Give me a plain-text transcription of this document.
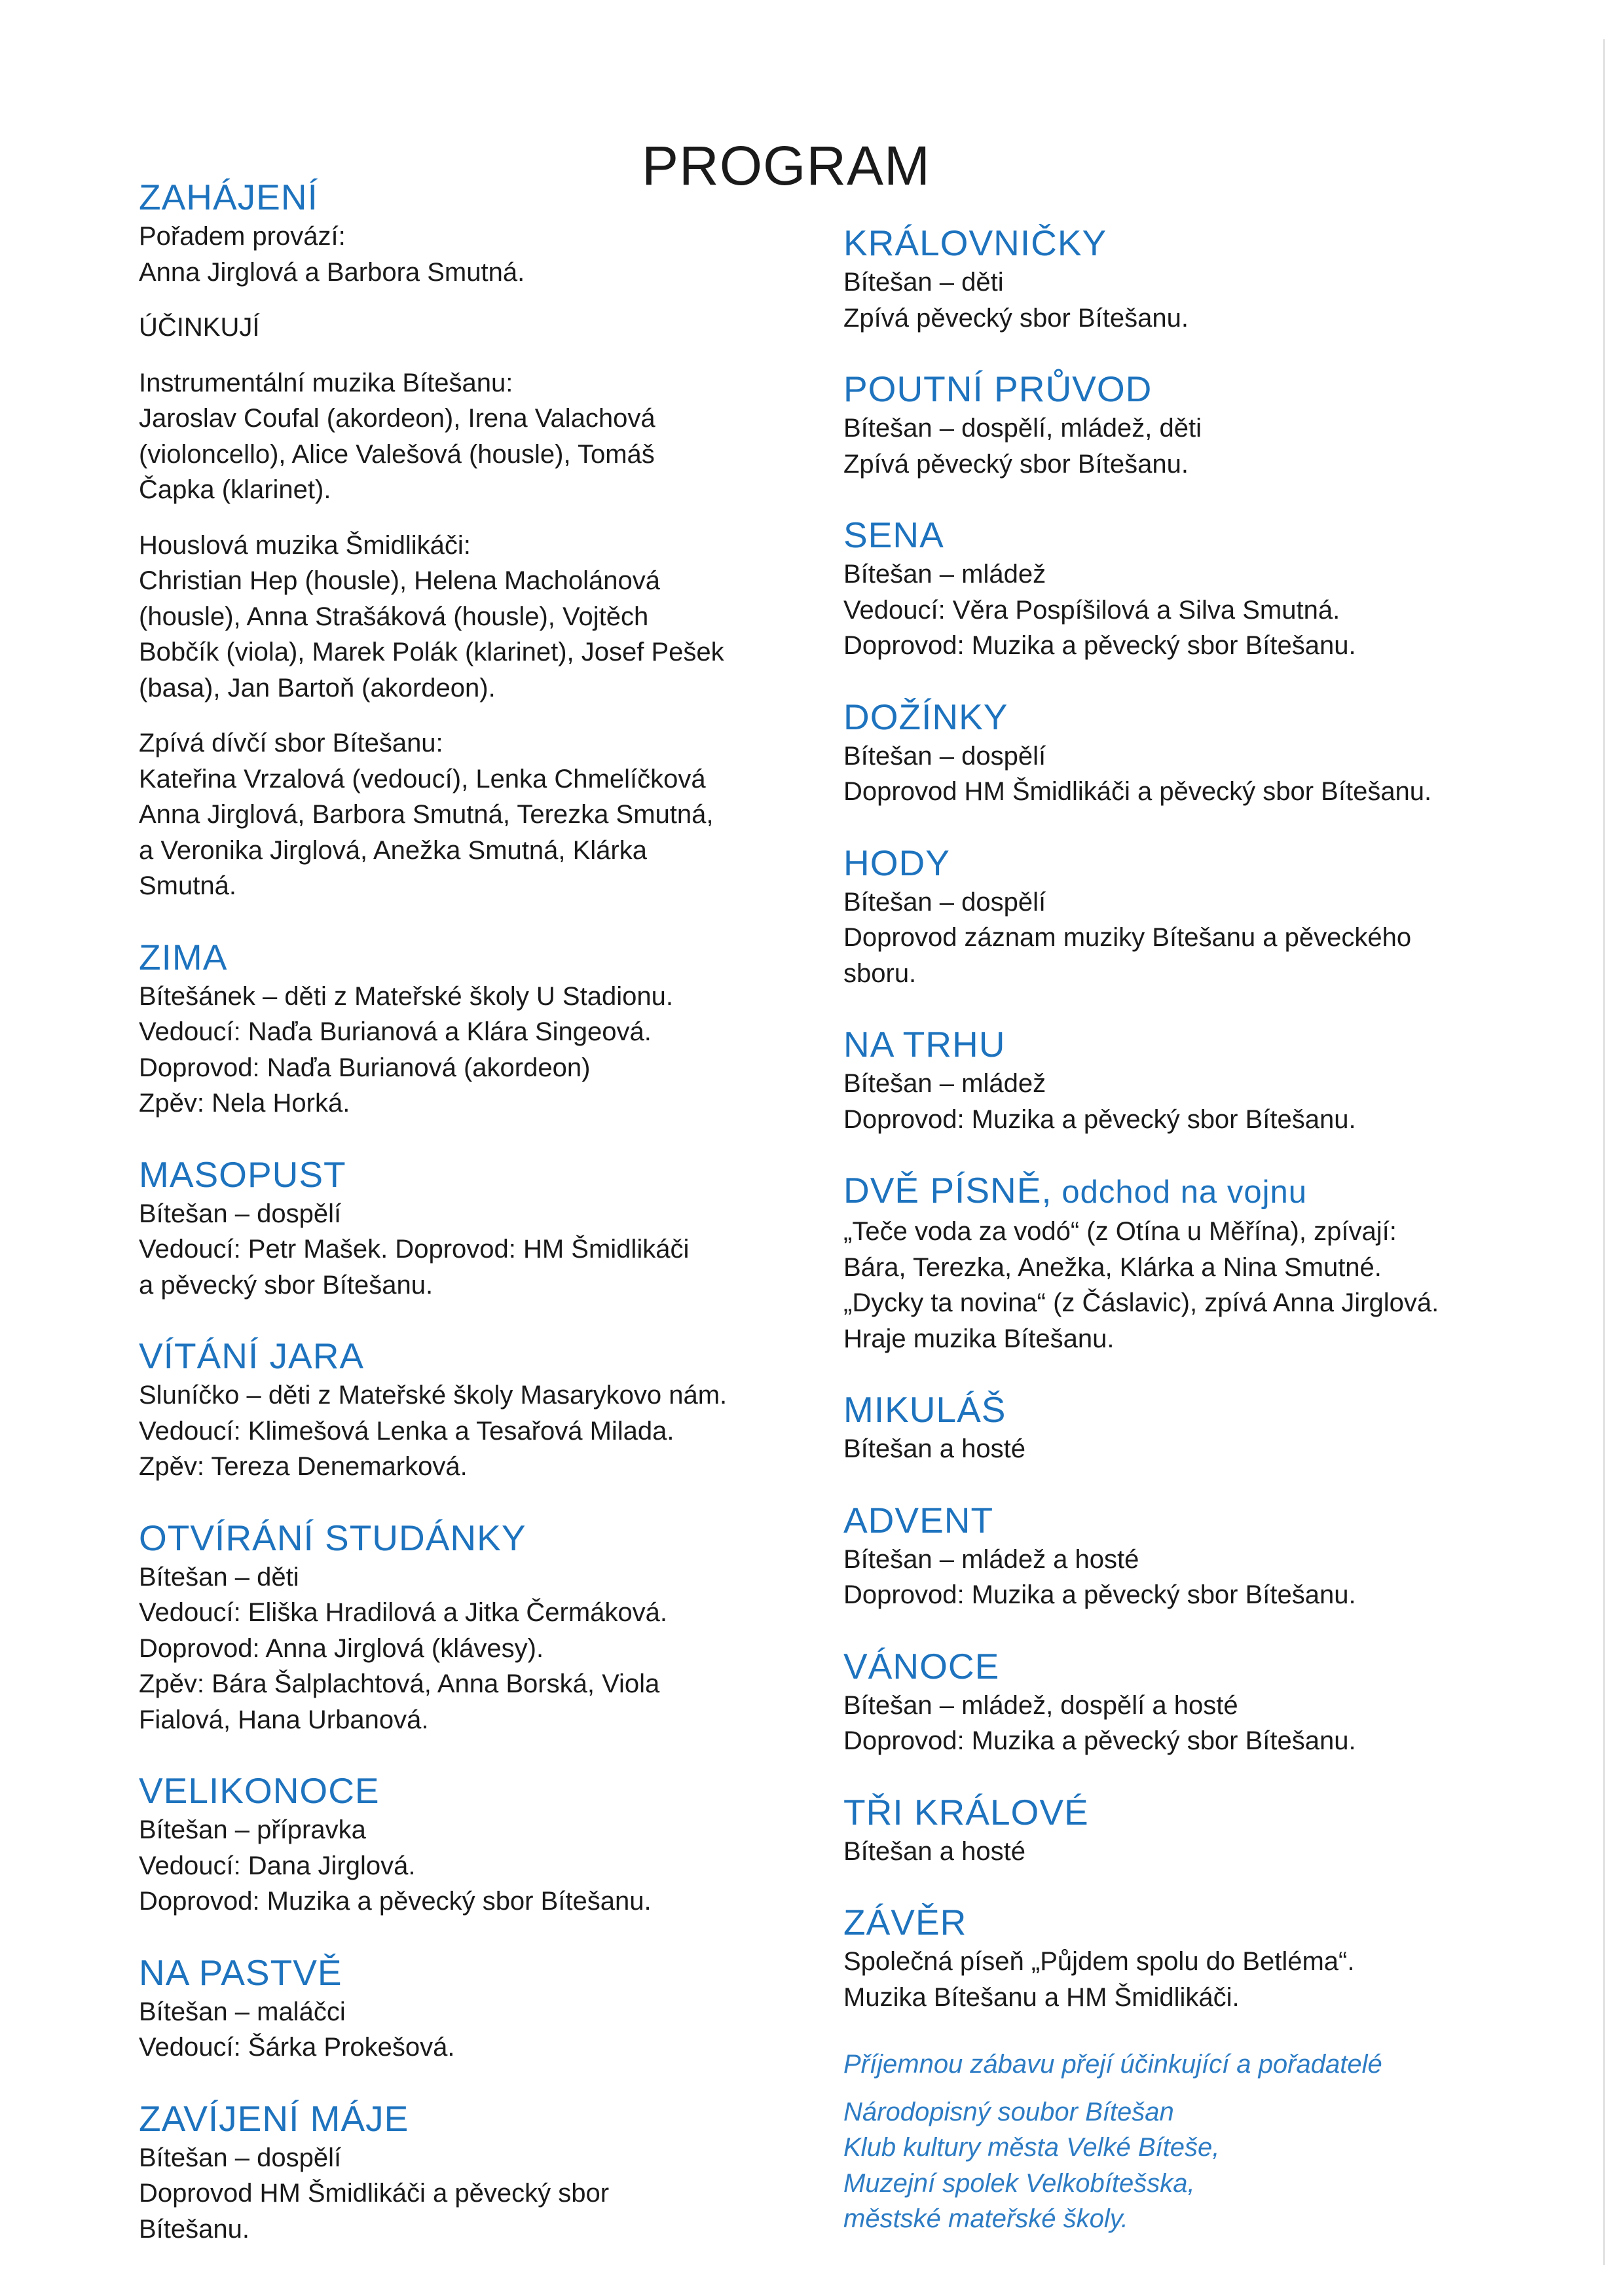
PROGRAM
ZAHÁJENÍ
Pořadem provází:
Anna Jirglová a Barbora Smutná.
ÚČINKUJÍ
Instrumentální muzika Bítešanu:
Jaroslav Coufal (akordeon), Irena Valachová
(violoncello), Alice Valešová (housle), Tomáš
Čapka (klarinet).
Houslová muzika Šmidlikáči:
Christian Hep (housle), Helena Macholánová
(housle), Anna Strašáková (housle), Vojtěch
Bobčík (viola), Marek Polák (klarinet), Josef Pešek
(basa), Jan Bartoň (akordeon).
Zpívá dívčí sbor Bítešanu:
Kateřina Vrzalová (vedoucí), Lenka Chmelíčková
Anna Jirglová, Barbora Smutná, Terezka Smutná,
a Veronika Jirglová, Anežka Smutná, Klárka
Smutná.
ZIMA
Bítešánek – děti z Mateřské školy U Stadionu.
Vedoucí: Naďa Burianová a Klára Singeová.
Doprovod: Naďa Burianová (akordeon)
Zpěv: Nela Horká.
MASOPUST
Bítešan – dospělí
Vedoucí: Petr Mašek. Doprovod: HM Šmidlikáči
a pěvecký sbor Bítešanu.
VÍTÁNÍ JARA
Sluníčko – děti z Mateřské školy Masarykovo nám.
Vedoucí: Klimešová Lenka a Tesařová Milada.
Zpěv: Tereza Denemarková.
OTVÍRÁNÍ STUDÁNKY
Bítešan – děti
Vedoucí: Eliška Hradilová a Jitka Čermáková.
Doprovod: Anna Jirglová (klávesy).
Zpěv: Bára Šalplachtová, Anna Borská, Viola
Fialová, Hana Urbanová.
VELIKONOCE
Bítešan – přípravka
Vedoucí: Dana Jirglová.
Doprovod: Muzika a pěvecký sbor Bítešanu.
NA PASTVĚ
Bítešan – maláčci
Vedoucí: Šárka Prokešová.
ZAVÍJENÍ MÁJE
Bítešan – dospělí
Doprovod HM Šmidlikáči a pěvecký sbor
Bítešanu.
KRÁLOVNIČKY
Bítešan – děti
Zpívá pěvecký sbor Bítešanu.
POUTNÍ PRŮVOD
Bítešan – dospělí, mládež, děti
Zpívá pěvecký sbor Bítešanu.
SENA
Bítešan – mládež
Vedoucí: Věra Pospíšilová a Silva Smutná.
Doprovod: Muzika a pěvecký sbor Bítešanu.
DOŽÍNKY
Bítešan – dospělí
Doprovod HM Šmidlikáči a pěvecký sbor Bítešanu.
HODY
Bítešan – dospělí
Doprovod záznam muziky Bítešanu a pěveckého
sboru.
NA TRHU
Bítešan – mládež
Doprovod: Muzika a pěvecký sbor Bítešanu.
DVĚ PÍSNĚ, odchod na vojnu
„Teče voda za vodó“ (z Otína u Měřína), zpívají:
Bára, Terezka, Anežka, Klárka a Nina Smutné.
„Dycky ta novina“ (z Čáslavic), zpívá Anna Jirglová.
Hraje muzika Bítešanu.
MIKULÁŠ
Bítešan a hosté
ADVENT
Bítešan – mládež a hosté
Doprovod: Muzika a pěvecký sbor Bítešanu.
VÁNOCE
Bítešan – mládež, dospělí a hosté
Doprovod: Muzika a pěvecký sbor Bítešanu.
TŘI KRÁLOVÉ
Bítešan a hosté
ZÁVĚR
Společná píseň „Půjdem spolu do Betléma“.
Muzika Bítešanu a HM Šmidlikáči.
Příjemnou zábavu přejí účinkující a pořadatelé
Národopisný soubor Bítešan
Klub kultury města Velké Bíteše,
Muzejní spolek Velkobítešska,
městské mateřské školy.
